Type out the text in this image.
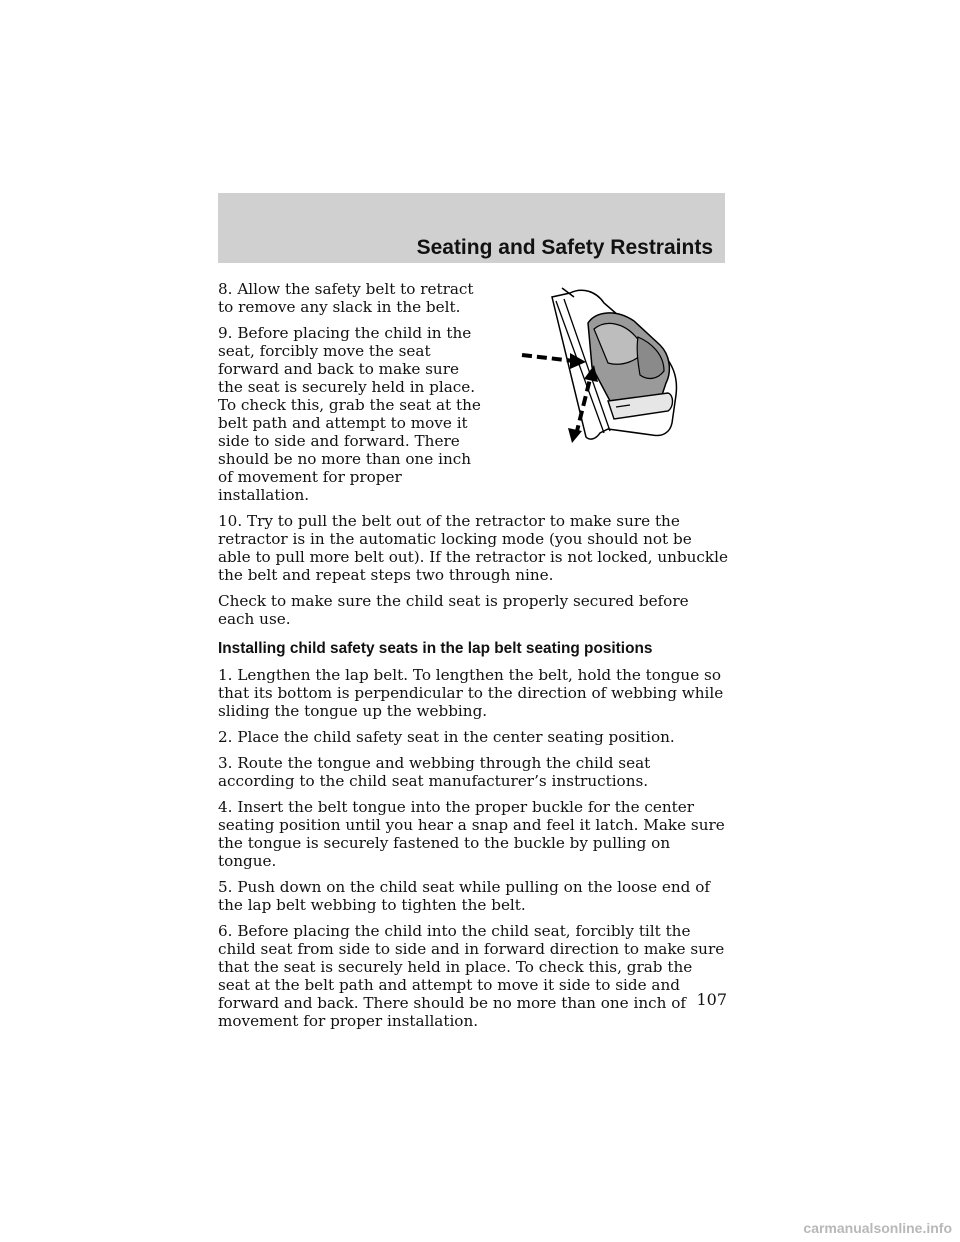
Seating and Safety Restraints

8. Allow the safety belt to retract to remove any slack in the belt.

9. Before placing the child in the seat, forcibly move the seat forward and back to make sure the seat is securely held in place. To check this, grab the seat at the belt path and attempt to move it side to side and forward. There should be no more than one inch of movement for proper installation.

10. Try to pull the belt out of the retractor to make sure the retractor is in the automatic locking mode (you should not be able to pull more belt out). If the retractor is not locked, unbuckle the belt and repeat steps two through nine.

Check to make sure the child seat is properly secured before each use.

Installing child safety seats in the lap belt seating positions

1. Lengthen the lap belt. To lengthen the belt, hold the tongue so that its bottom is perpendicular to the direction of webbing while sliding the tongue up the webbing.

2. Place the child safety seat in the center seating position.

3. Route the tongue and webbing through the child seat according to the child seat manufacturer’s instructions.

4. Insert the belt tongue into the proper buckle for the center seating position until you hear a snap and feel it latch. Make sure the tongue is securely fastened to the buckle by pulling on tongue.

5. Push down on the child seat while pulling on the loose end of the lap belt webbing to tighten the belt.

6. Before placing the child into the child seat, forcibly tilt the child seat from side to side and in forward direction to make sure that the seat is securely held in place. To check this, grab the seat at the belt path and attempt to move it side to side and forward and back. There should be no more than one inch of movement for proper installation.

107

carmanualsonline.info
